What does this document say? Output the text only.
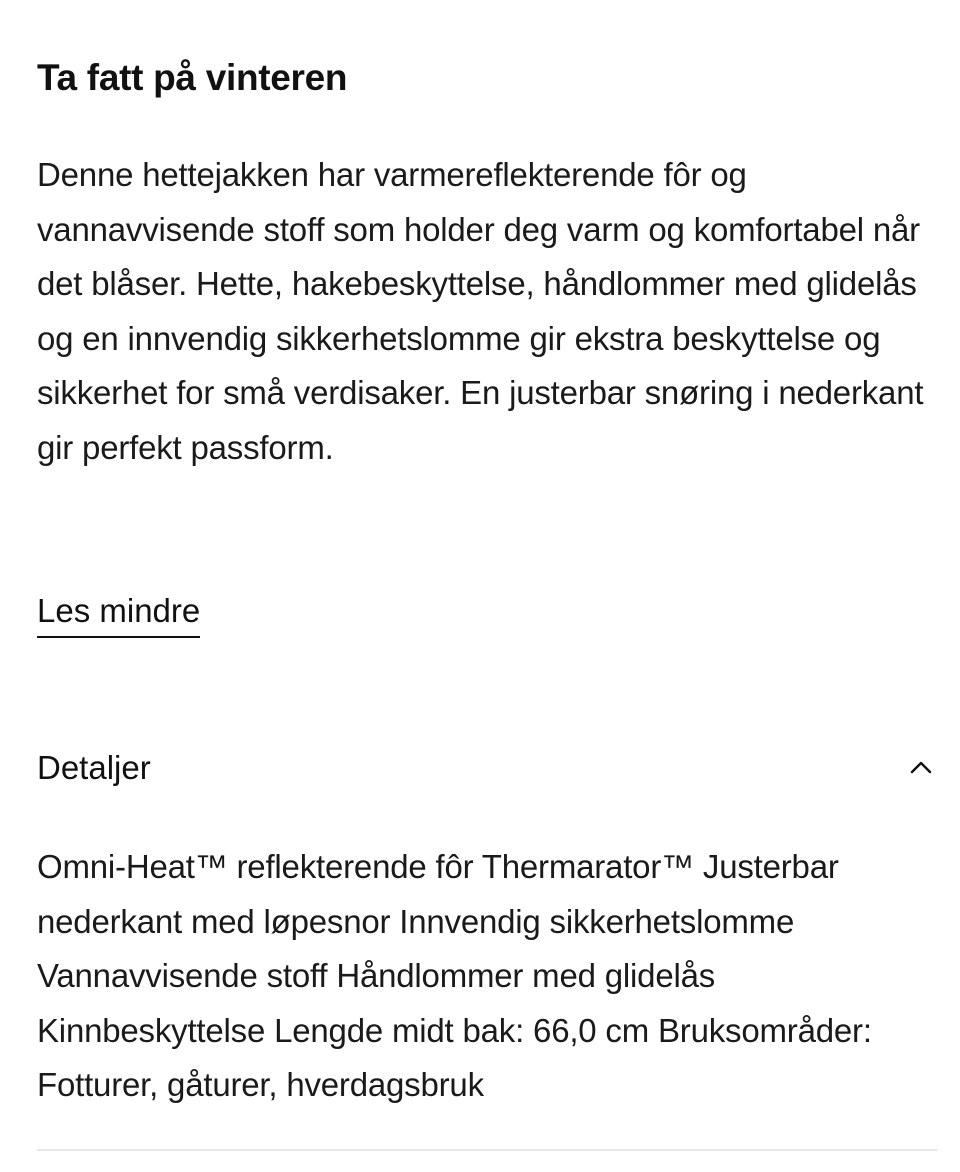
Ta fatt på vinteren

Denne hettejakken har varmereflekterende fôr og vannavvisende stoff som holder deg varm og komfortabel når det blåser. Hette, hakebeskyttelse, håndlommer med glidelås og en innvendig sikkerhetslomme gir ekstra beskyttelse og sikkerhet for små verdisaker. En justerbar snøring i nederkant gir perfekt passform.

Les mindre
Detaljer

Omni-Heat™ reflekterende fôr Thermarator™ Justerbar nederkant med løpesnor Innvendig sikkerhetslomme Vannavvisende stoff Håndlommer med glidelås Kinnbeskyttelse Lengde midt bak: 66,0 cm Bruksområder: Fotturer, gåturer, hverdagsbruk
